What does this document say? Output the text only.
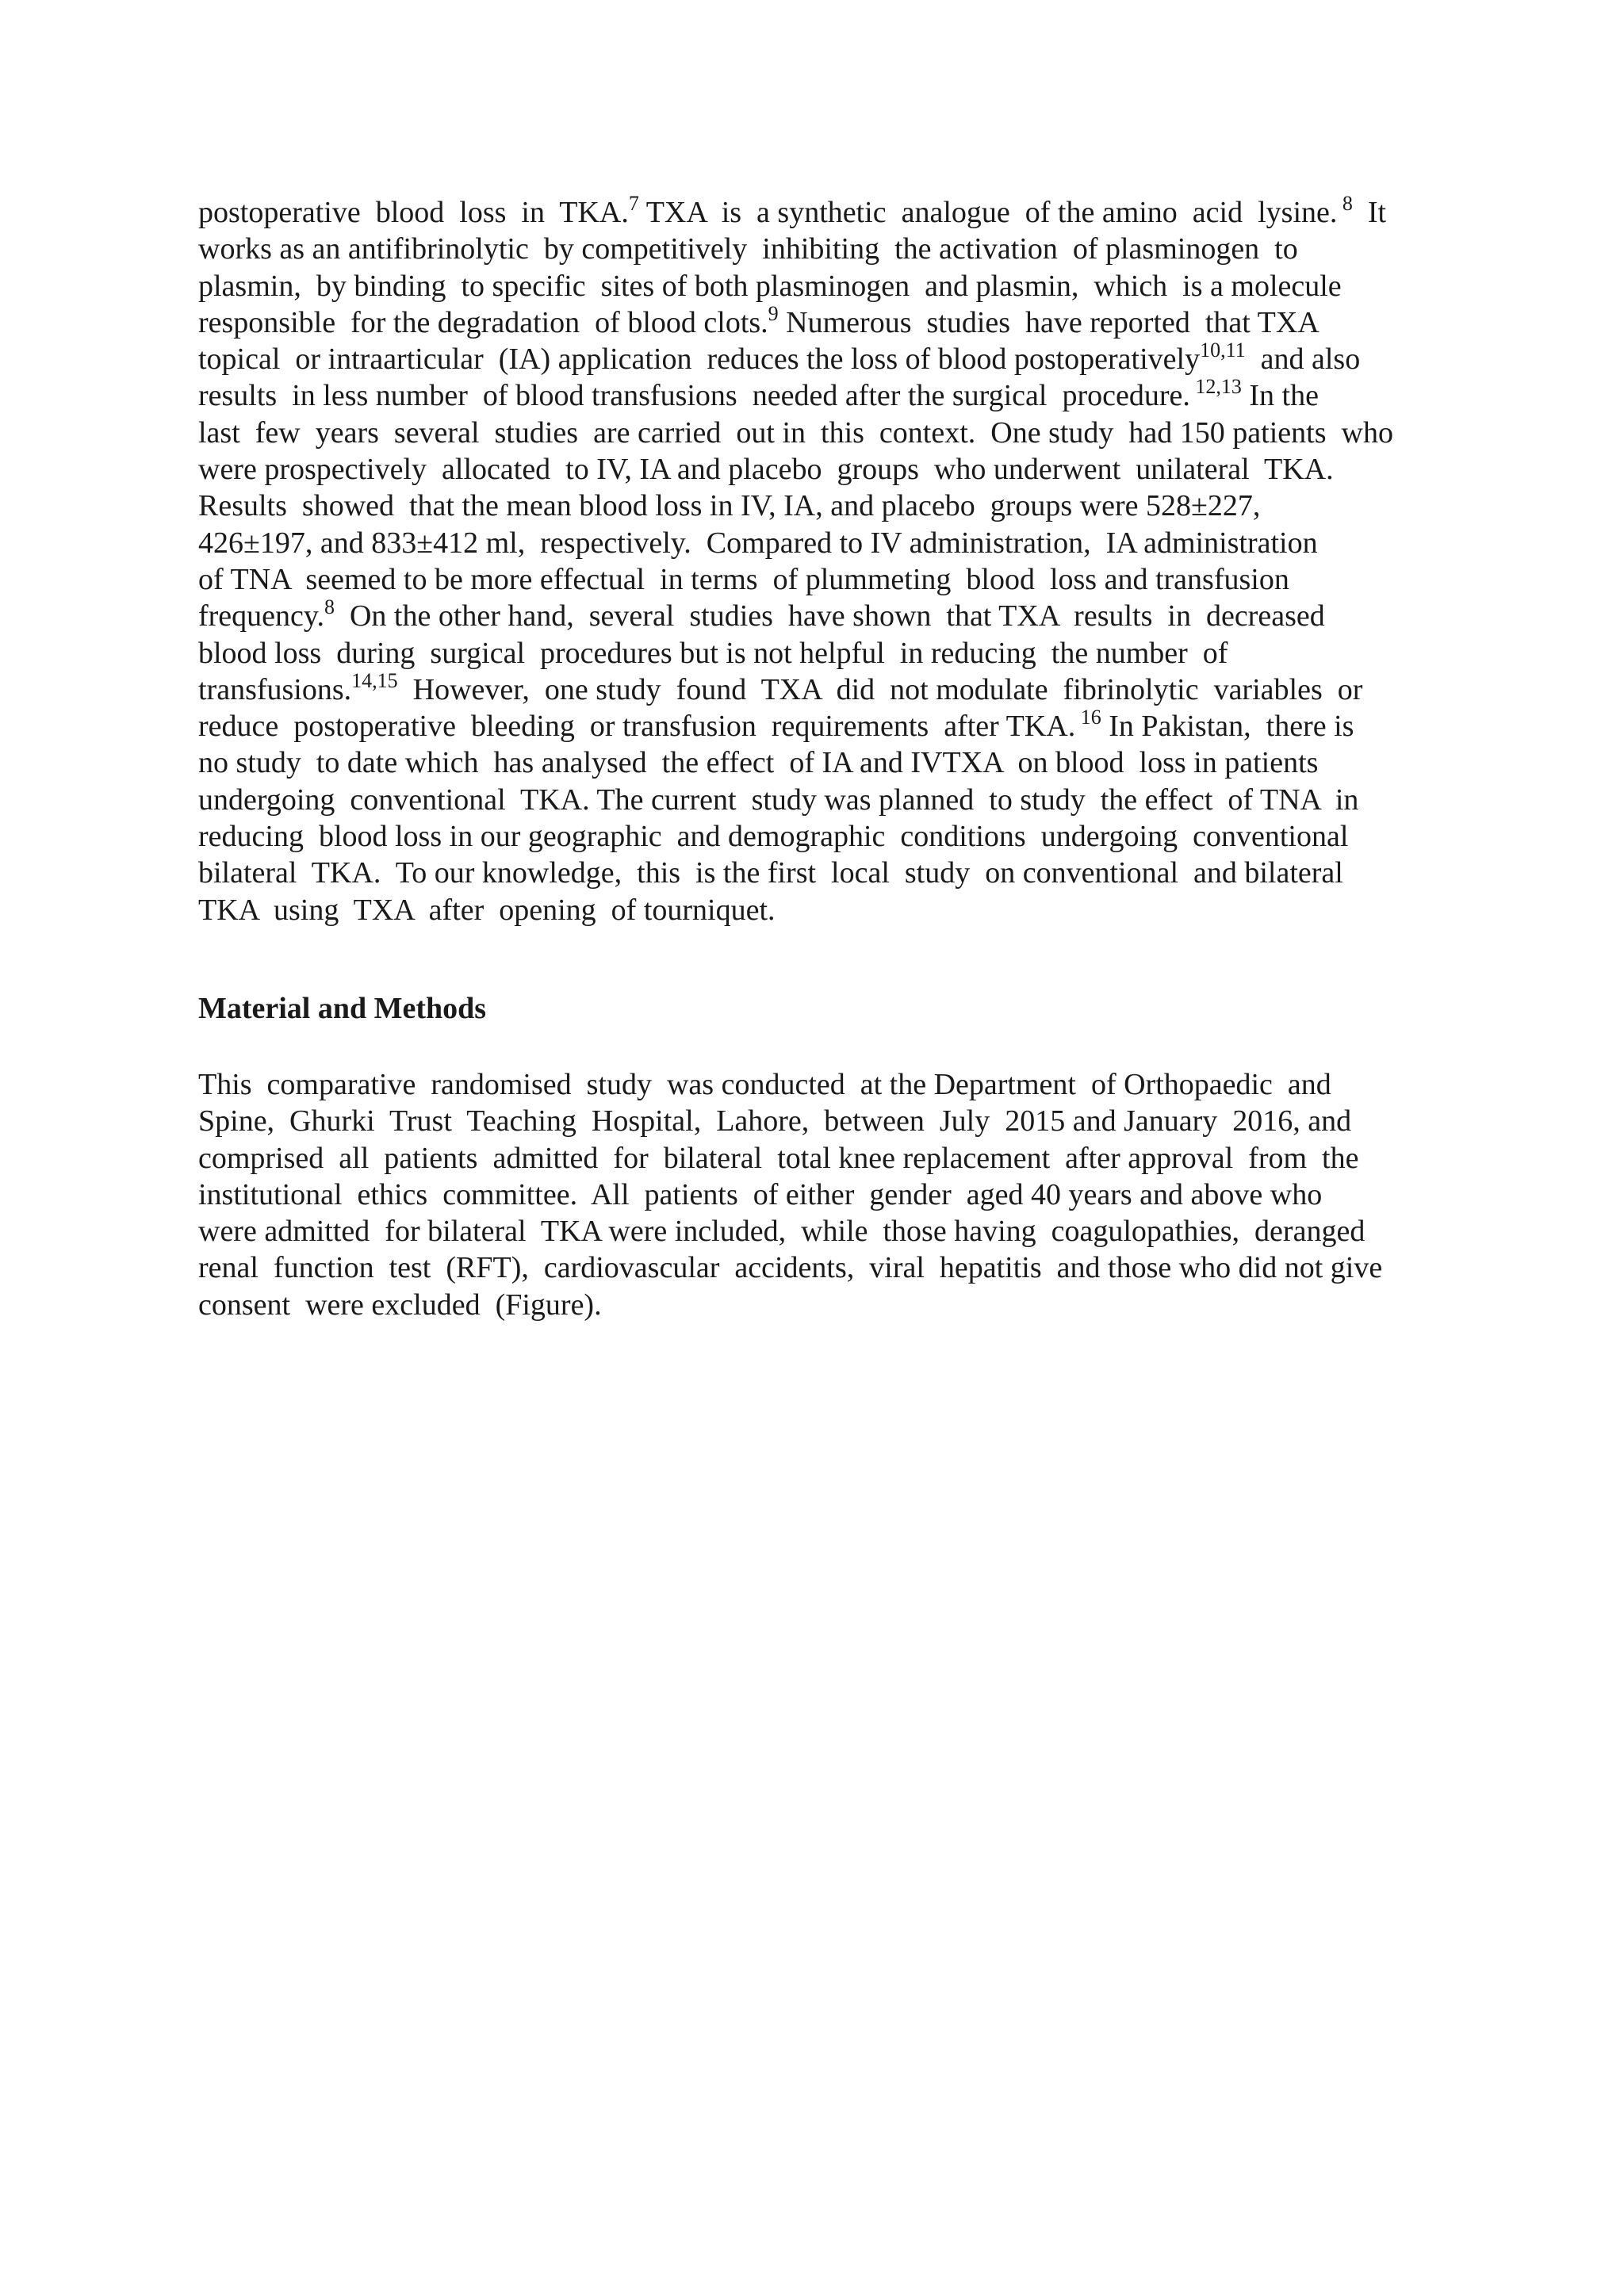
postoperative  blood  loss  in  TKA.$^7$ TXA  is  a synthetic  analogue  of the amino  acid  lysine. $^8$  It
works as an antifibrinolytic  by competitively  inhibiting  the activation  of plasminogen  to
plasmin,  by binding  to specific  sites of both plasminogen  and plasmin,  which  is a molecule
responsible  for the degradation  of blood clots.$^9$ Numerous  studies  have reported  that TXA
topical  or intraarticular  (IA) application  reduces the loss of blood postoperatively$^{10,11}$  and also
results  in less number  of blood transfusions  needed after the surgical  procedure. $^{12,13}$ In the
last  few  years  several  studies  are carried  out in  this  context.  One study  had 150 patients  who
were prospectively  allocated  to IV, IA and placebo  groups  who underwent  unilateral  TKA.
Results  showed  that the mean blood loss in IV, IA, and placebo  groups were 528±227,
426±197, and 833±412 ml,  respectively.  Compared to IV administration,  IA administration
of TNA  seemed to be more effectual  in terms  of plummeting  blood  loss and transfusion
frequency.$^8$  On the other hand,  several  studies  have shown  that TXA  results  in  decreased
blood loss  during  surgical  procedures but is not helpful  in reducing  the number  of
transfusions.$^{14,15}$  However,  one study  found  TXA  did  not modulate  fibrinolytic  variables  or
reduce  postoperative  bleeding  or transfusion  requirements  after TKA. $^{16}$ In Pakistan,  there is
no study  to date which  has analysed  the effect  of IA and IVTXA  on blood  loss in patients
undergoing  conventional  TKA. The current  study was planned  to study  the effect  of TNA  in
reducing  blood loss in our geographic  and demographic  conditions  undergoing  conventional
bilateral  TKA.  To our knowledge,  this  is the first  local  study  on conventional  and bilateral
TKA  using  TXA  after  opening  of tourniquet.
Material and Methods
This  comparative  randomised  study  was conducted  at the Department  of Orthopaedic  and
Spine,  Ghurki  Trust  Teaching  Hospital,  Lahore,  between  July  2015 and January  2016, and
comprised  all  patients  admitted  for  bilateral  total knee replacement  after approval  from  the
institutional  ethics  committee.  All  patients  of either  gender  aged 40 years and above who
were admitted  for bilateral  TKA were included,  while  those having  coagulopathies,  deranged
renal  function  test  (RFT),  cardiovascular  accidents,  viral  hepatitis  and those who did not give
consent  were excluded  (Figure).
